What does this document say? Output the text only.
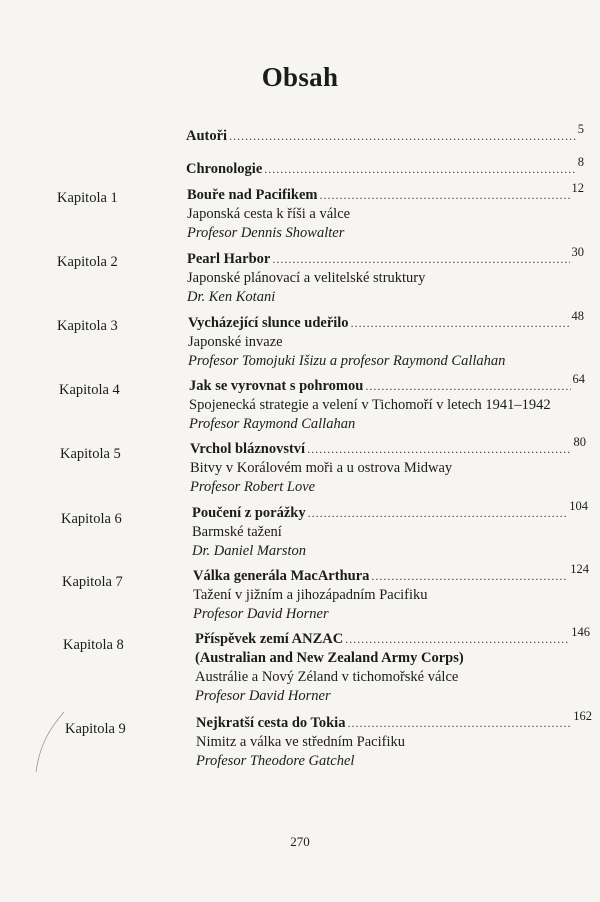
Obsah
Autoři .....	5
Chronologie .....	8
Kapitola 1	Bouře nad Pacifikem .....	12
Japonská cesta k říši a válce
Profesor Dennis Showalter
Kapitola 2	Pearl Harbor .....	30
Japonské plánovací a velitelské struktury
Dr. Ken Kotani
Kapitola 3	Vycházející slunce udeřilo .....	48
Japonské invaze
Profesor Tomojuki Išizu a profesor Raymond Callahan
Kapitola 4	Jak se vyrovnat s pohromou .....	64
Spojenecká strategie a velení v Tichomoří v letech 1941–1942
Profesor Raymond Callahan
Kapitola 5	Vrchol bláznovství .....	80
Bitvy v Korálovém moři a u ostrova Midway
Profesor Robert Love
Kapitola 6	Poučení z porážky .....	104
Barmské tažení
Dr. Daniel Marston
Kapitola 7	Válka generála MacArthura .....	124
Tažení v jižním a jihozápadním Pacifiku
Profesor David Horner
Kapitola 8	Příspěvek zemí ANZAC .....	146
(Australian and New Zealand Army Corps)
Austrálie a Nový Zéland v tichomořské válce
Profesor David Horner
Kapitola 9	Nejkratší cesta do Tokia .....	162
Nimitz a válka ve středním Pacifiku
Profesor Theodore Gatchel
270
